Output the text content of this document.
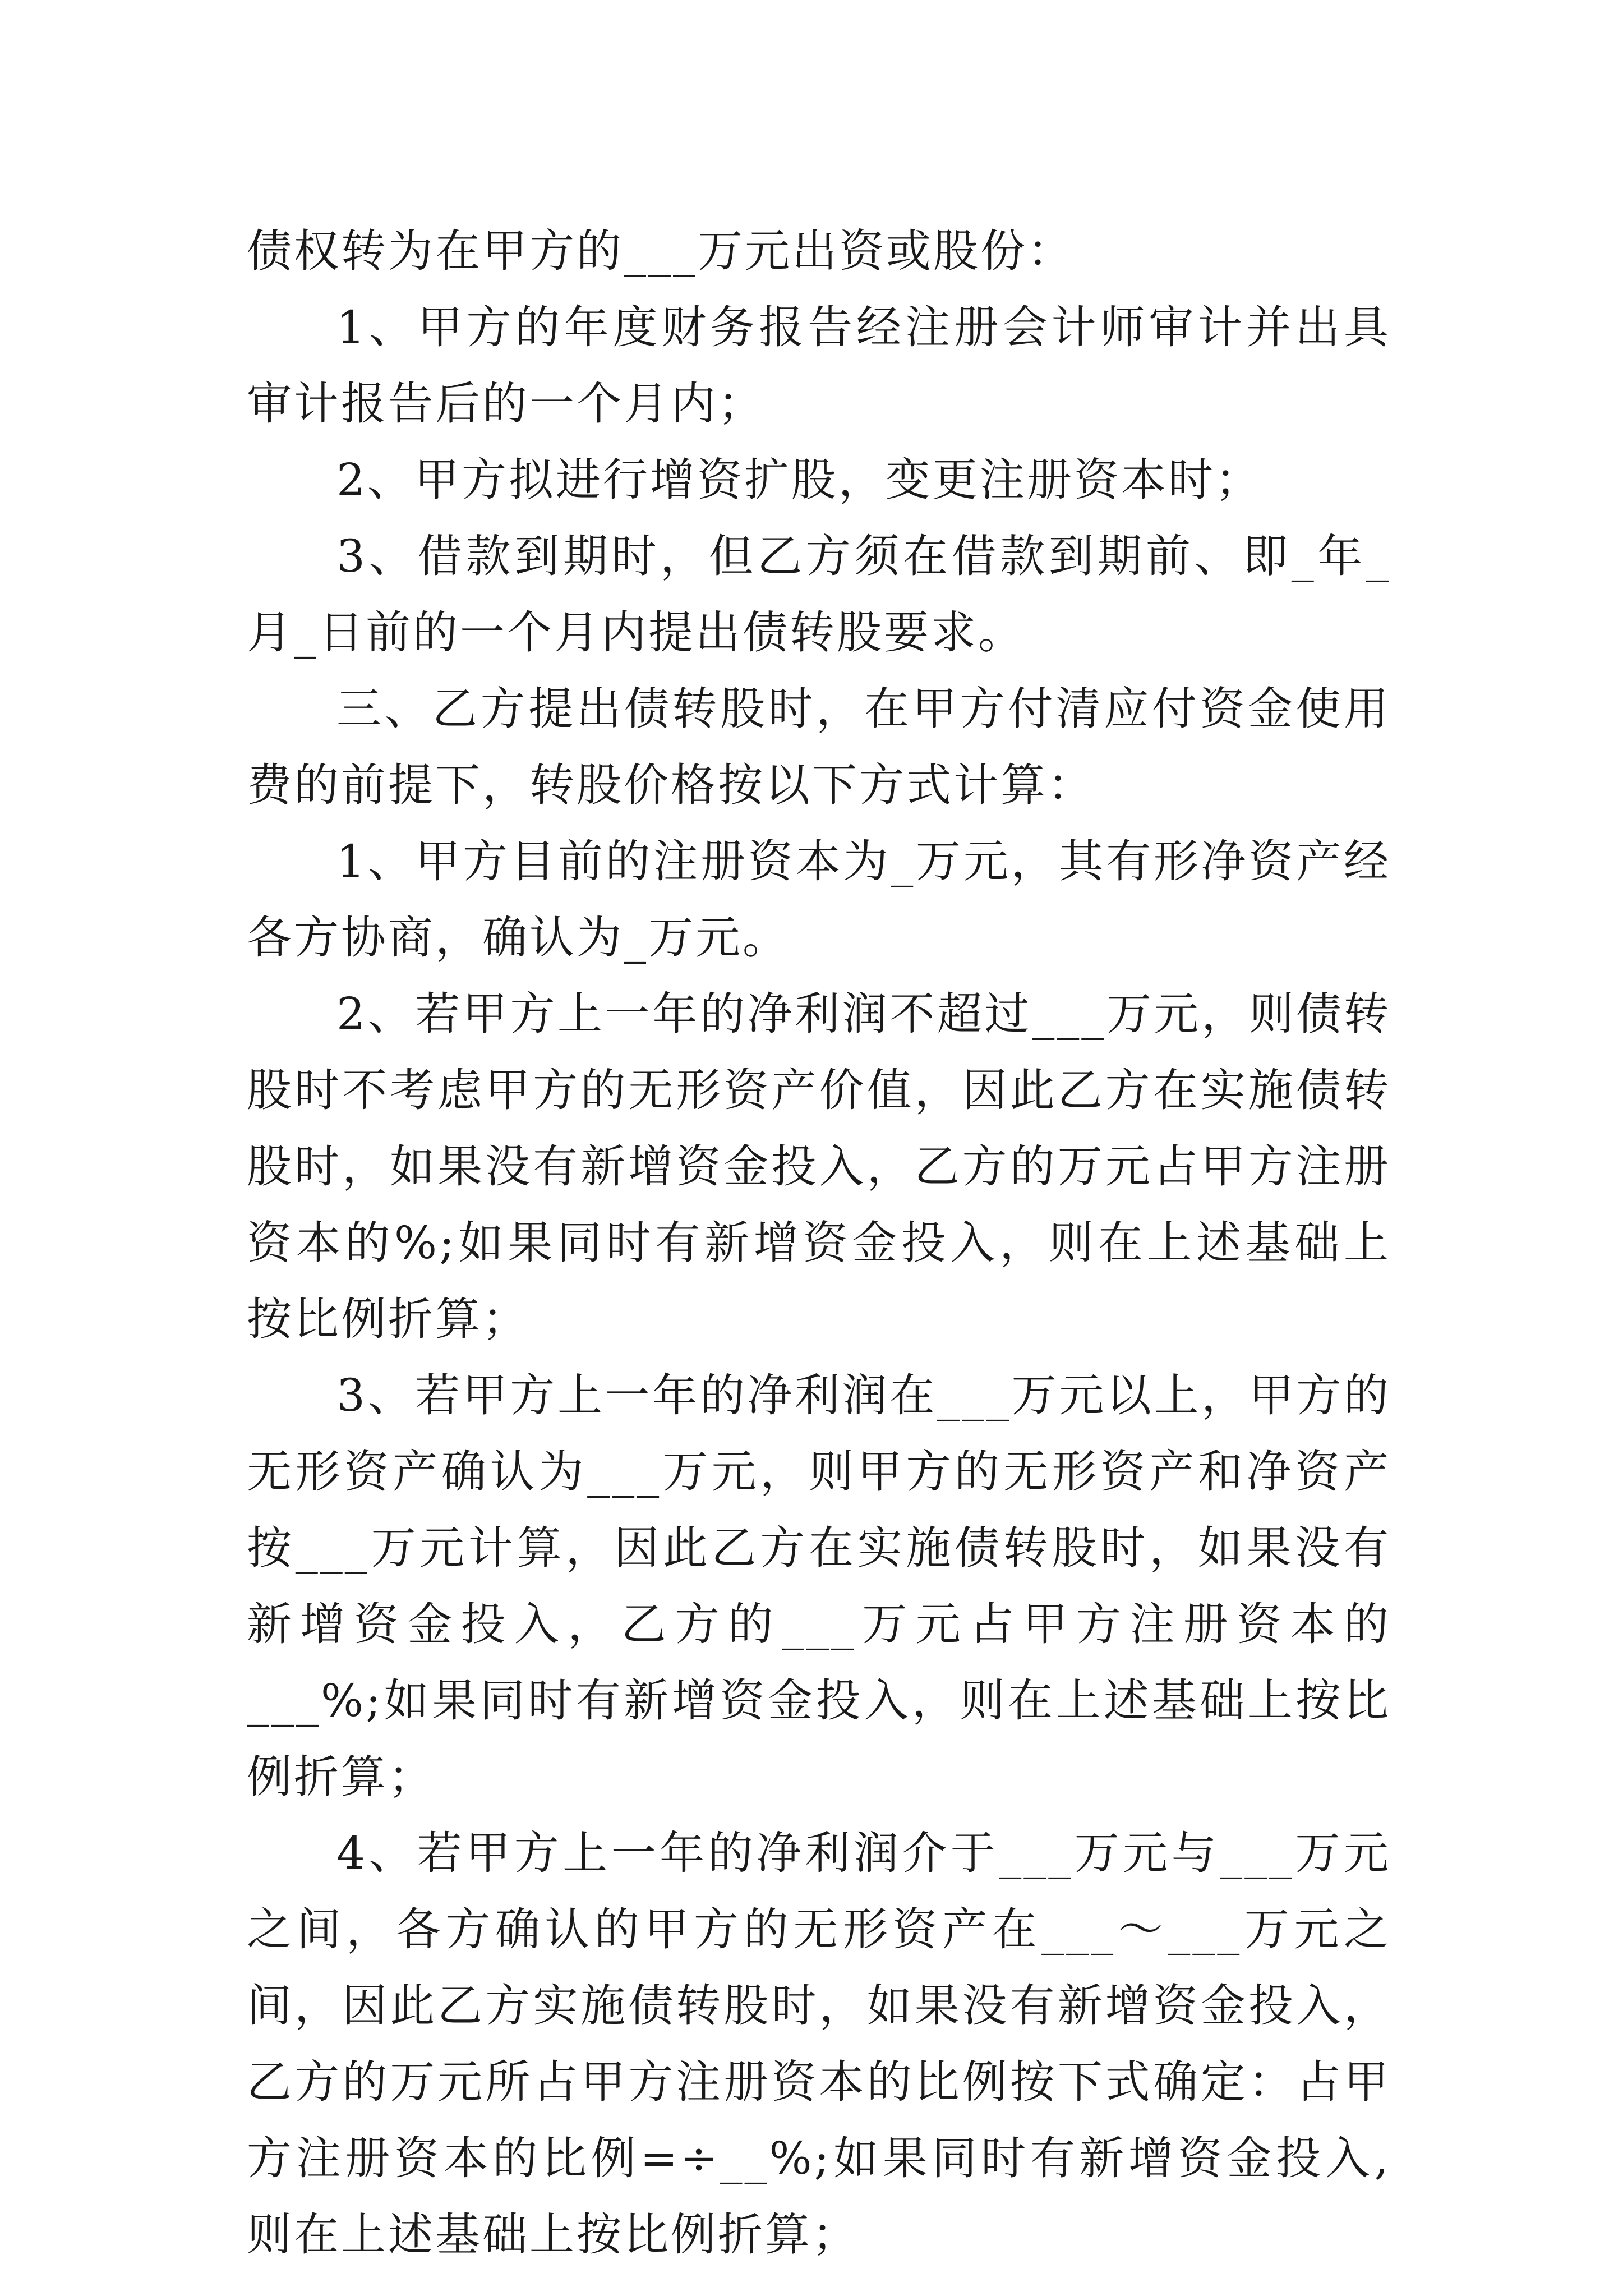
债权转为在甲方的___万元出资或股份：

1、甲方的年度财务报告经注册会计师审计并出具审计报告后的一个月内；

2、甲方拟进行增资扩股，变更注册资本时；

3、借款到期时，但乙方须在借款到期前、即_年_月_日前的一个月内提出债转股要求。

三、乙方提出债转股时，在甲方付清应付资金使用费的前提下，转股价格按以下方式计算：

1、甲方目前的注册资本为_万元，其有形净资产经各方协商，确认为_万元。

2、若甲方上一年的净利润不超过___万元，则债转股时不考虑甲方的无形资产价值，因此乙方在实施债转股时，如果没有新增资金投入，乙方的万元占甲方注册资本的%;如果同时有新增资金投入，则在上述基础上按比例折算；

3、若甲方上一年的净利润在___万元以上，甲方的无形资产确认为___万元，则甲方的无形资产和净资产按___万元计算，因此乙方在实施债转股时，如果没有新增资金投入，乙方的___万元占甲方注册资本的___%;如果同时有新增资金投入，则在上述基础上按比例折算；

4、若甲方上一年的净利润介于___万元与___万元之间，各方确认的甲方的无形资产在___～___万元之间，因此乙方实施债转股时，如果没有新增资金投入，乙方的万元所占甲方注册资本的比例按下式确定：占甲方注册资本的比例=÷__%;如果同时有新增资金投入,则在上述基础上按比例折算；
